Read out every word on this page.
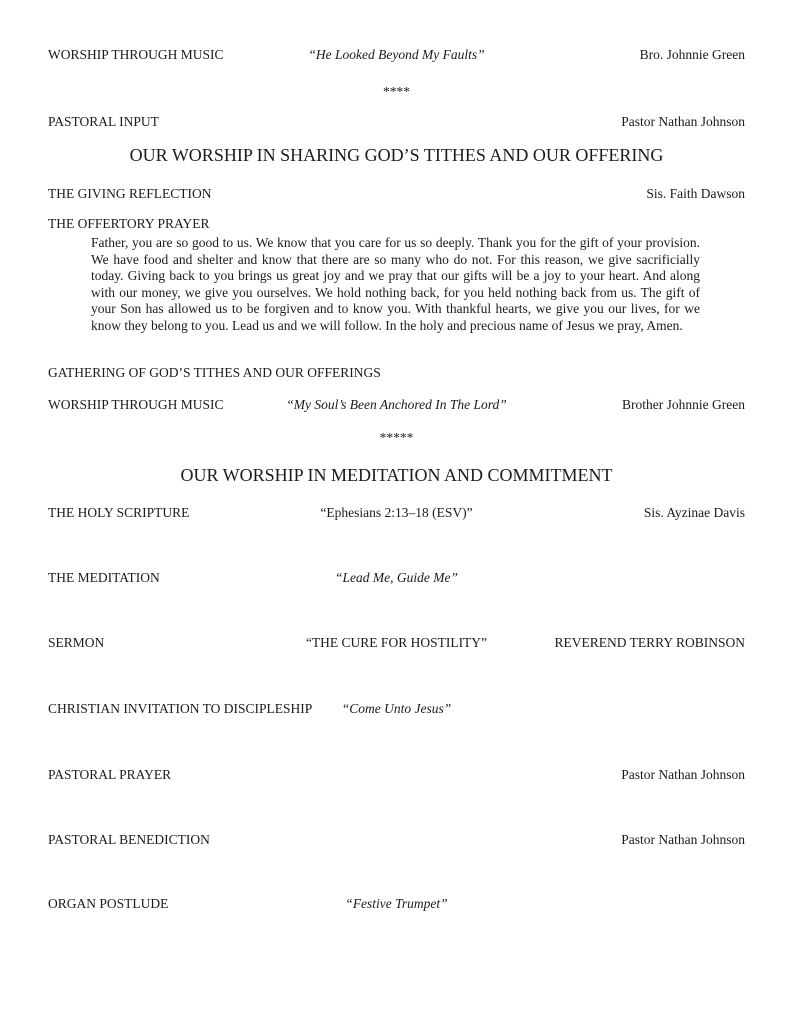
WORSHIP THROUGH MUSIC	“He Looked Beyond My Faults”	Bro. Johnnie Green
****
PASTORAL INPUT	Pastor Nathan Johnson
OUR WORSHIP IN SHARING GOD’S TITHES AND OUR OFFERING
THE GIVING REFLECTION	Sis. Faith Dawson
THE OFFERTORY PRAYER
Father, you are so good to us. We know that you care for us so deeply. Thank you for the gift of your provision. We have food and shelter and know that there are so many who do not. For this reason, we give sacrificially today. Giving back to you brings us great joy and we pray that our gifts will be a joy to your heart. And along with our money, we give you ourselves. We hold nothing back, for you held nothing back from us. The gift of your Son has allowed us to be forgiven and to know you. With thankful hearts, we give you our lives, for we know they belong to you. Lead us and we will follow. In the holy and precious name of Jesus we pray, Amen.
GATHERING OF GOD’S TITHES AND OUR OFFERINGS
WORSHIP THROUGH MUSIC	“My Soul’s Been Anchored In The Lord”	Brother Johnnie Green
*****
OUR WORSHIP IN MEDITATION AND COMMITMENT
THE HOLY SCRIPTURE	“Ephesians 2:13–18 (ESV)”	Sis. Ayzinae Davis
THE MEDITATION	“Lead Me, Guide Me”
SERMON	“THE CURE FOR HOSTILITY”	REVEREND TERRY ROBINSON
CHRISTIAN INVITATION TO DISCIPLESHIP “Come Unto Jesus”
PASTORAL PRAYER	Pastor Nathan Johnson
PASTORAL BENEDICTION	Pastor Nathan Johnson
ORGAN POSTLUDE	“Festive Trumpet”
